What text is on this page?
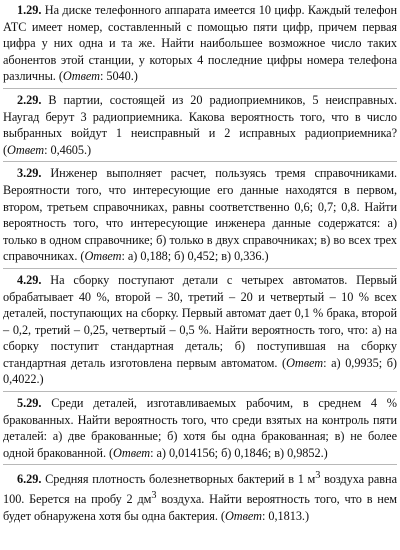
1.29. На диске телефонного аппарата имеется 10 цифр. Каждый телефон АТС имеет номер, составленный с помощью пяти цифр, причем первая цифра у них одна и та же. Найти наибольшее возможное число таких абонентов этой станции, у которых 4 последние цифры номера телефона различны. (Ответ: 5040.)

2.29. В партии, состоящей из 20 радиоприемников, 5 неисправных. Наугад берут 3 радиоприемника. Какова вероятность того, что в число выбранных войдут 1 неисправный и 2 исправных радиоприемника? (Ответ: 0,4605.)

3.29. Инженер выполняет расчет, пользуясь тремя справочниками. Вероятности того, что интересующие его данные находятся в первом, втором, третьем справочниках, равны соответственно 0,6; 0,7; 0,8. Найти вероятность того, что интересующие инженера данные содержатся: а) только в одном справочнике; б) только в двух справочниках; в) во всех трех справочниках. (Ответ: а) 0,188; б) 0,452; в) 0,336.)

4.29. На сборку поступают детали с четырех автоматов. Первый обрабатывает 40 %, второй – 30, третий – 20 и четвертый – 10 % всех деталей, поступающих на сборку. Первый автомат дает 0,1 % брака, второй – 0,2, третий – 0,25, четвертый – 0,5 %. Найти вероятность того, что: а) на сборку поступит стандартная деталь; б) поступившая на сборку стандартная деталь изготовлена первым автоматом. (Ответ: а) 0,9935; б) 0,4022.)

5.29. Среди деталей, изготавливаемых рабочим, в среднем 4 % бракованных. Найти вероятность того, что среди взятых на контроль пяти деталей: а) две бракованные; б) хотя бы одна бракованная; в) не более одной бракованной. (Ответ: а) 0,014156; б) 0,1846; в) 0,9852.)

6.29. Средняя плотность болезнетворных бактерий в 1 $м^3$ воздуха равна 100. Берется на пробу 2 $дм^3$ воздуха. Найти вероятность того, что в нем будет обнаружена хотя бы одна бактерия. (Ответ: 0,1813.)
